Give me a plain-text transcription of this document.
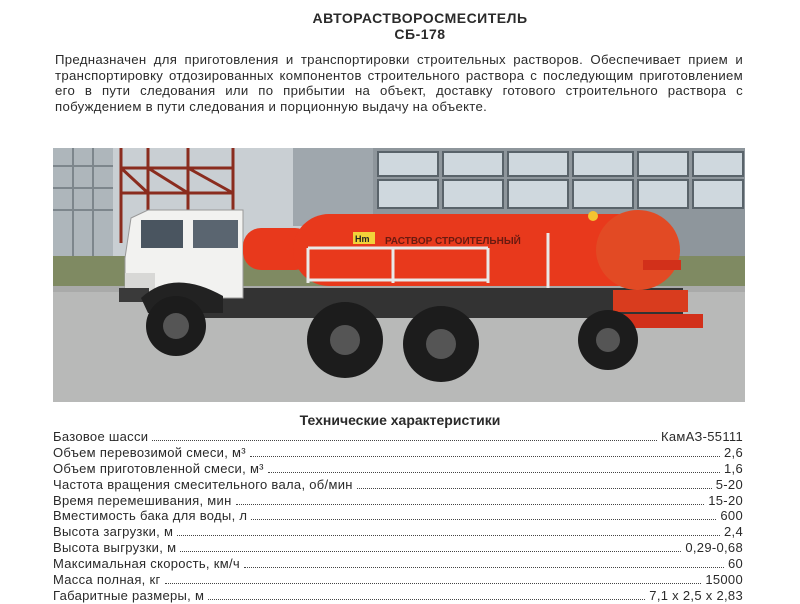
АВТОРАСТВОРОСМЕСИТЕЛЬ
СБ-178
Предназначен для приготовления и транспортировки строительных растворов. Обеспечивает прием и транспортировку отдозированных компонентов строительного раствора с последующим приготовлением его в пути следования или по прибытии на объект, доставку готового строительного раствора с побуждением в пути следования и порционную выдачу на объекте.
Hm РАСТВОР СТРОИТЕЛЬНЫЙ
Технические характеристики
Базовое шасси	КамАЗ-55111
Объем перевозимой смеси, м³	2,6
Объем приготовленной смеси, м³	1,6
Частота вращения смесительного вала, об/мин	5-20
Время перемешивания, мин	15-20
Вместимость бака для воды, л	600
Высота загрузки, м	2,4
Высота выгрузки, м	0,29-0,68
Максимальная скорость, км/ч	60
Масса полная, кг	15000
Габаритные размеры, м	7,1 х 2,5 х 2,83
